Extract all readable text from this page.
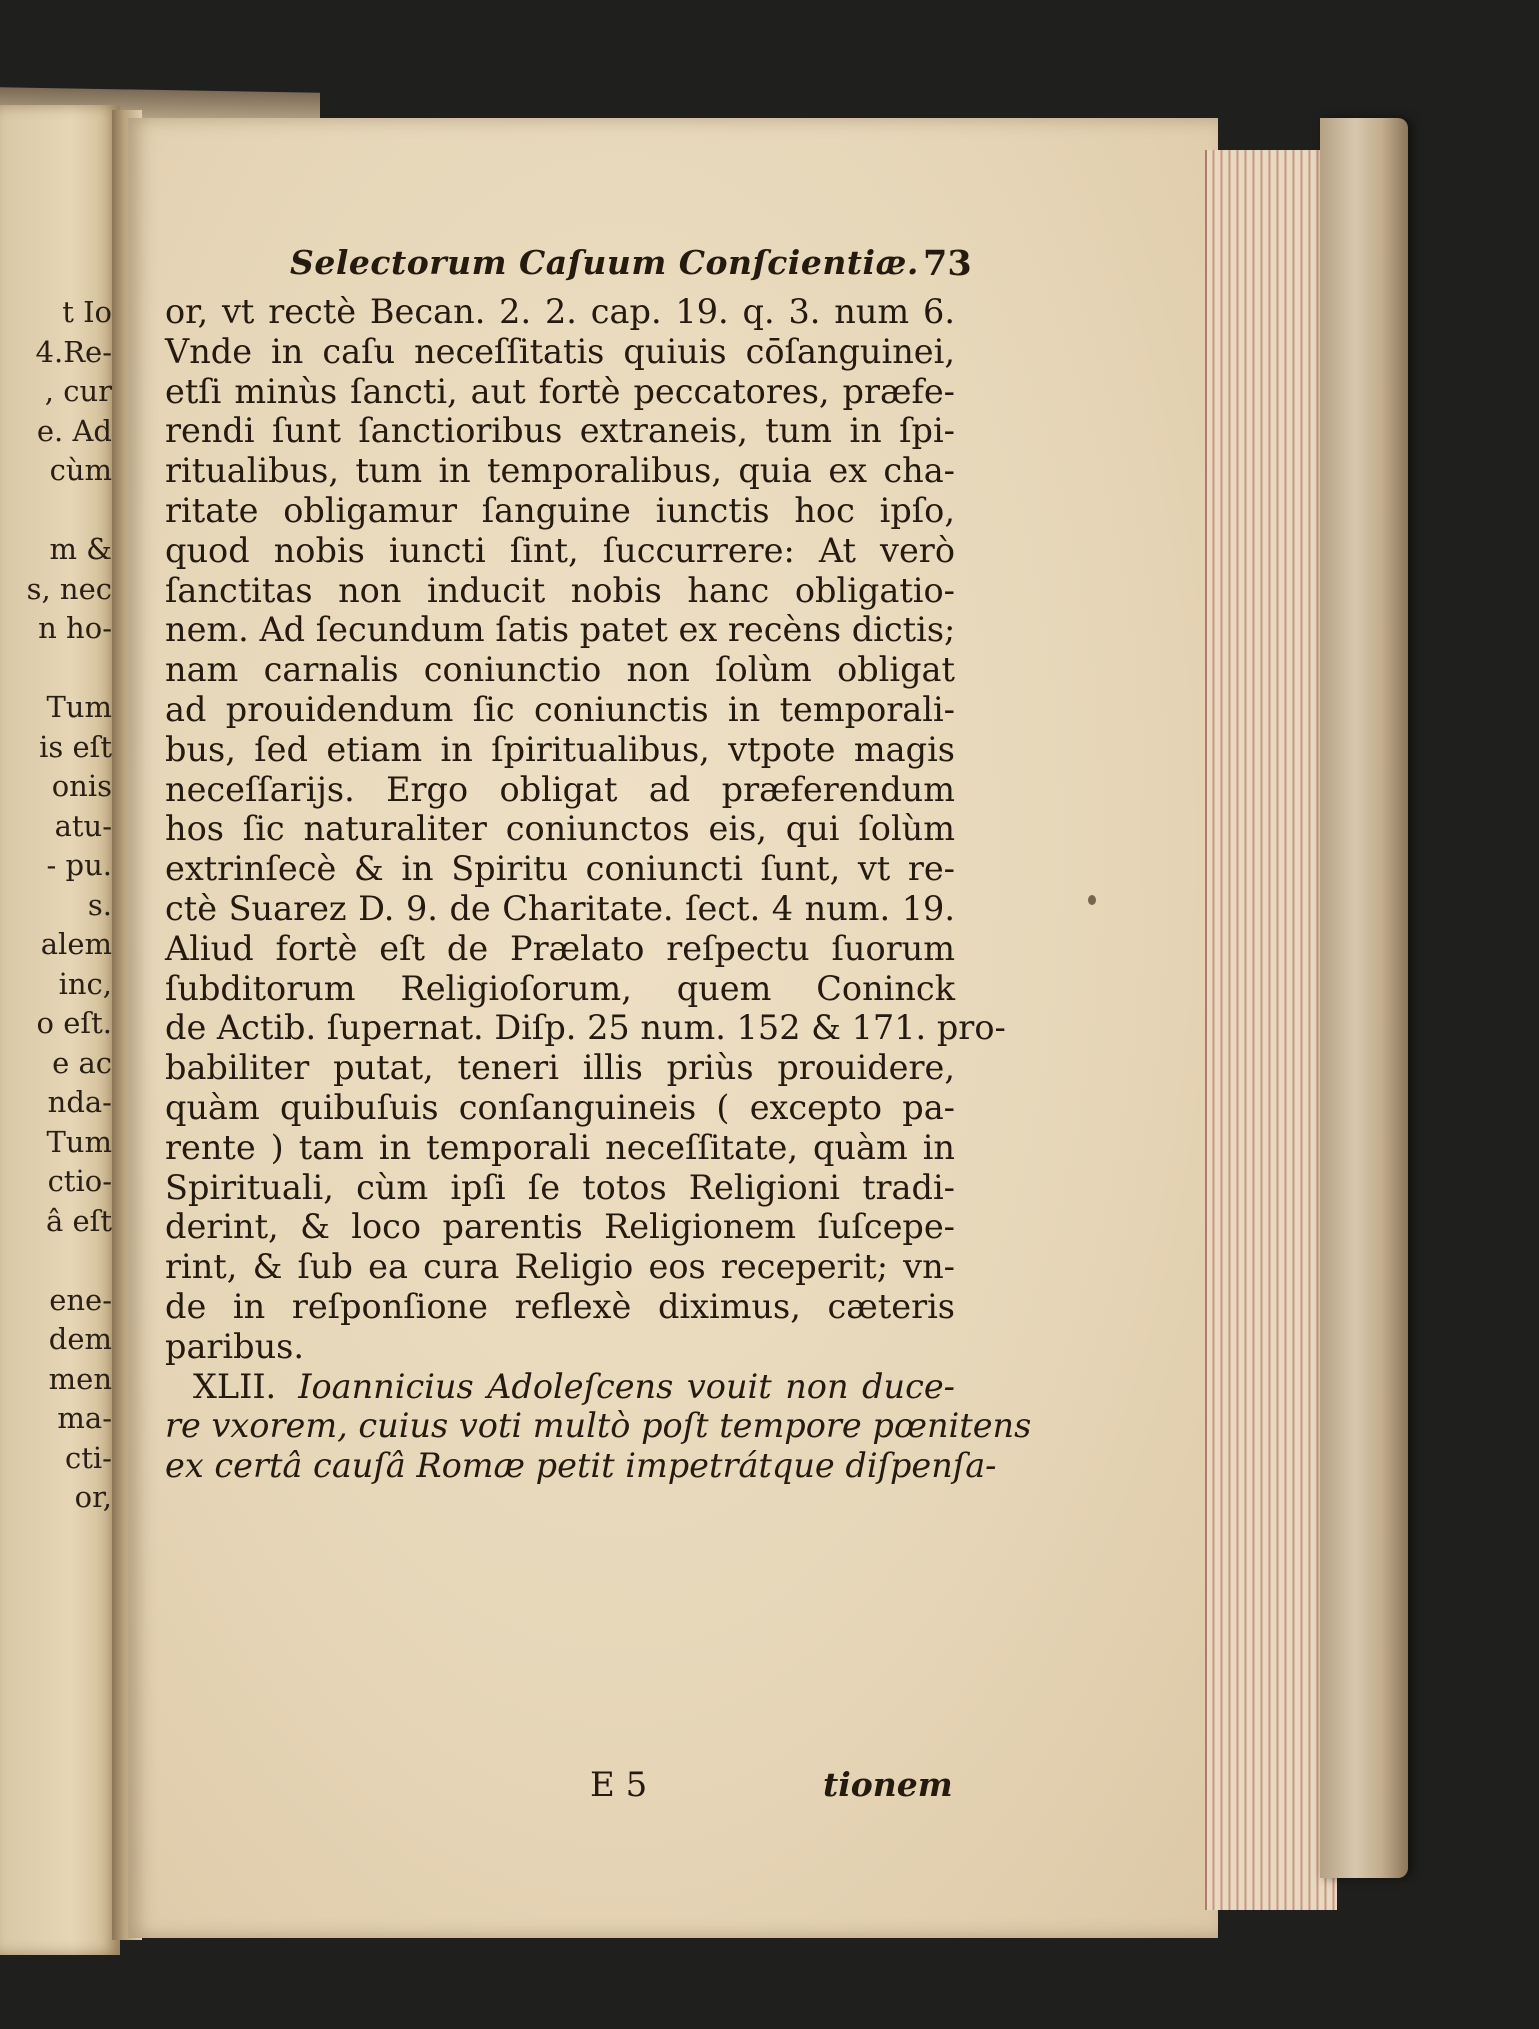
t Io
4.Re-
, cur
e. Ad
cùm
m &
s, nec
n ho-
Tum
is eſt
onis
atu-
- pu.
s.
alem
inc,
o eſt.
e ac
nda-
Tum
ctio-
â eſt
ene-
dem
men
ma-
cti-
or,
Selectorum Caſuum Conſcientiæ. 73
or, vt rectè Becan. 2. 2. cap. 19. q. 3. num 6.
Vnde in caſu neceſſitatis quiuis cōſanguinei,
etſi minùs ſancti, aut fortè peccatores, præfe-
rendi ſunt ſanctioribus extraneis, tum in ſpi-
ritualibus, tum in temporalibus, quia ex cha-
ritate obligamur ſanguine iunctis hoc ipſo,
quod nobis iuncti ſint, ſuccurrere: At verò
ſanctitas non inducit nobis hanc obligatio-
nem. Ad ſecundum ſatis patet ex recèns dictis;
nam carnalis coniunctio non ſolùm obligat
ad prouidendum ſic coniunctis in temporali-
bus, ſed etiam in ſpiritualibus, vtpote magis
neceſſarijs. Ergo obligat ad præferendum
hos ſic naturaliter coniunctos eis, qui ſolùm
extrinſecè & in Spiritu coniuncti ſunt, vt re-
ctè Suarez D. 9. de Charitate. ſect. 4 num. 19.
Aliud fortè eſt de Prælato reſpectu ſuorum
ſubditorum Religioſorum, quem Coninck
de Actib. ſupernat. Diſp. 25 num. 152 & 171. pro-
babiliter putat, teneri illis priùs prouidere,
quàm quibuſuis conſanguineis ( excepto pa-
rente ) tam in temporali neceſſitate, quàm in
Spirituali, cùm ipſi ſe totos Religioni tradi-
derint, & loco parentis Religionem ſuſcepe-
rint, & ſub ea cura Religio eos receperit; vn-
de in reſponſione reflexè diximus, cæteris
paribus.
XLII. Ioannicius Adoleſcens vouit non duce-
re vxorem, cuius voti multò poſt tempore pœnitens
ex certâ cauſâ Romæ petit impetrátque diſpenſa-
E 5	tionem
